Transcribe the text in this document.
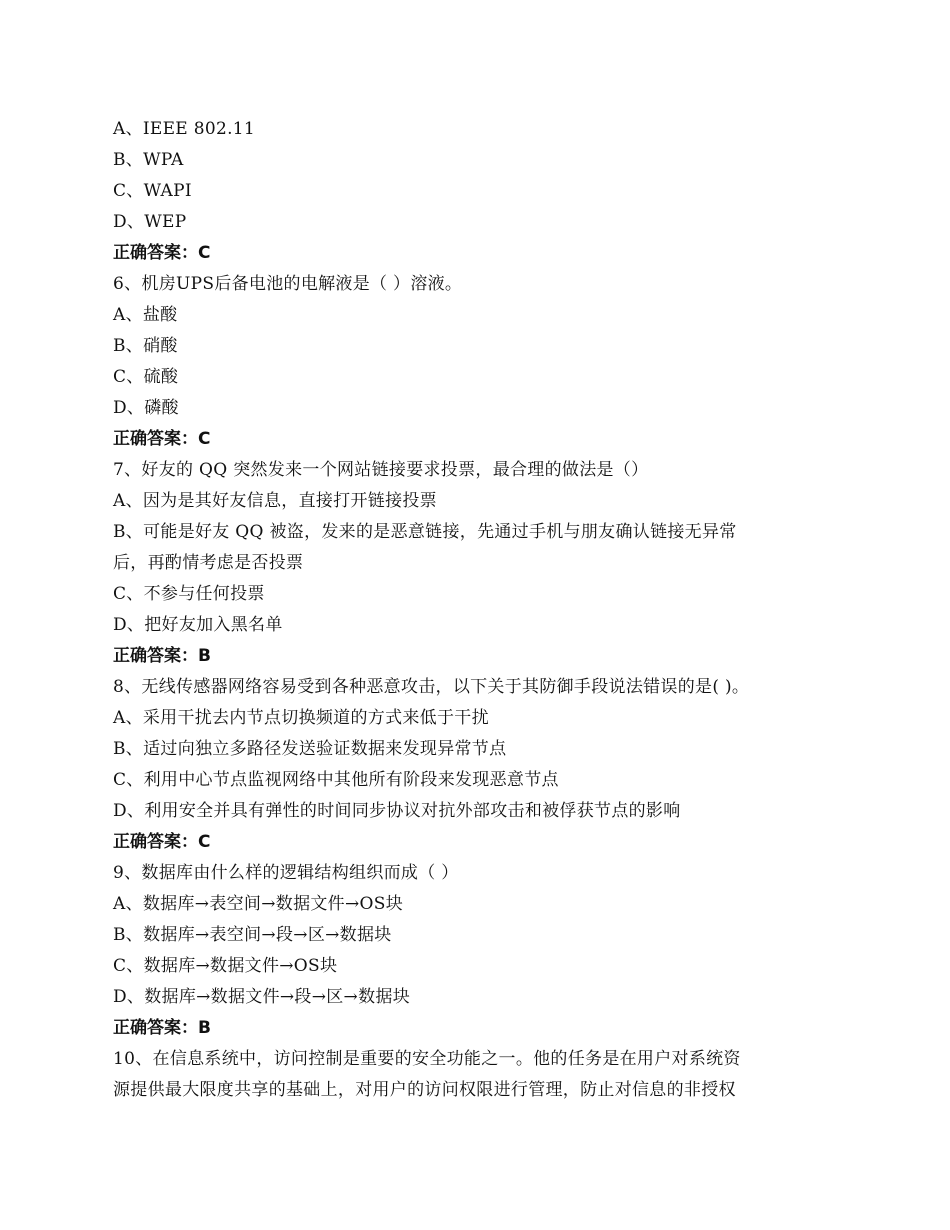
A、IEEE 802.11
B、WPA
C、WAPI
D、WEP
正确答案：C
6、机房UPS后备电池的电解液是（ ）溶液。
A、盐酸
B、硝酸
C、硫酸
D、磷酸
正确答案：C
7、好友的 QQ 突然发来一个网站链接要求投票，最合理的做法是（）
A、因为是其好友信息，直接打开链接投票
B、可能是好友 QQ 被盗，发来的是恶意链接，先通过手机与朋友确认链接无异常
后，再酌情考虑是否投票
C、不参与任何投票
D、把好友加入黑名单
正确答案：B
8、无线传感器网络容易受到各种恶意攻击，以下关于其防御手段说法错误的是( )。
A、采用干扰去内节点切换频道的方式来低于干扰
B、适过向独立多路径发送验证数据来发现异常节点
C、利用中心节点监视网络中其他所有阶段来发现恶意节点
D、利用安全并具有弹性的时间同步协议对抗外部攻击和被俘获节点的影响
正确答案：C
9、数据库由什么样的逻辑结构组织而成（ ）
A、数据库→表空间→数据文件→OS块
B、数据库→表空间→段→区→数据块
C、数据库→数据文件→OS块
D、数据库→数据文件→段→区→数据块
正确答案：B
10、在信息系统中，访问控制是重要的安全功能之一。他的任务是在用户对系统资
源提供最大限度共享的基础上，对用户的访问权限进行管理，防止对信息的非授权
